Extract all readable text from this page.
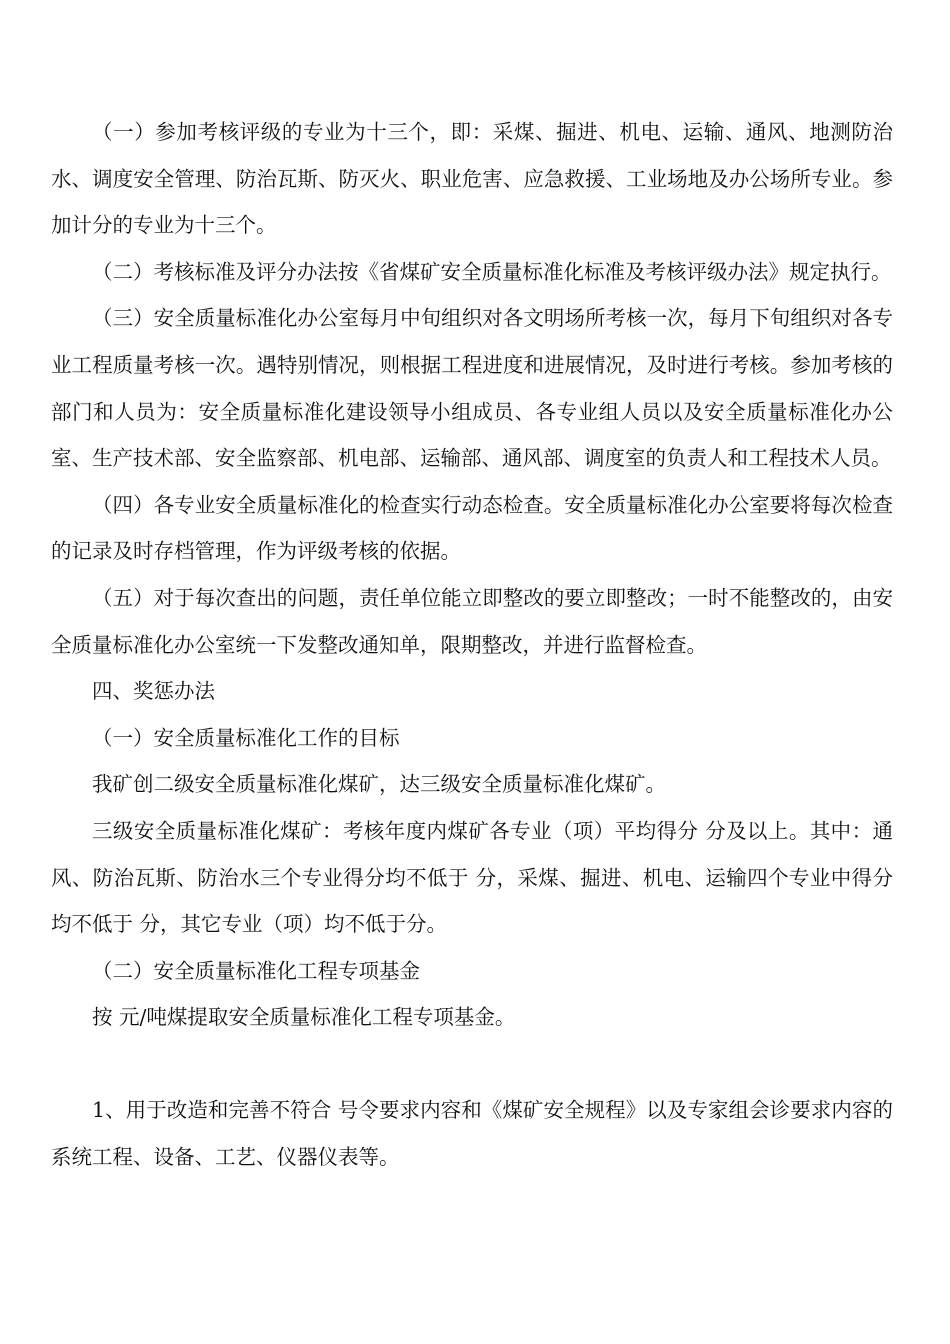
（一）参加考核评级的专业为十三个，即：采煤、掘进、机电、运输、通风、地测防治水、调度安全管理、防治瓦斯、防灭火、职业危害、应急救援、工业场地及办公场所专业。参加计分的专业为十三个。

（二）考核标准及评分办法按《省煤矿安全质量标准化标准及考核评级办法》规定执行。

（三）安全质量标准化办公室每月中旬组织对各文明场所考核一次，每月下旬组织对各专业工程质量考核一次。遇特别情况，则根据工程进度和进展情况，及时进行考核。参加考核的部门和人员为：安全质量标准化建设领导小组成员、各专业组人员以及安全质量标准化办公室、生产技术部、安全监察部、机电部、运输部、通风部、调度室的负责人和工程技术人员。

（四）各专业安全质量标准化的检查实行动态检查。安全质量标准化办公室要将每次检查的记录及时存档管理，作为评级考核的依据。

（五）对于每次查出的问题，责任单位能立即整改的要立即整改；一时不能整改的，由安全质量标准化办公室统一下发整改通知单，限期整改，并进行监督检查。

四、奖惩办法

（一）安全质量标准化工作的目标

我矿创二级安全质量标准化煤矿，达三级安全质量标准化煤矿。

三级安全质量标准化煤矿：考核年度内煤矿各专业（项）平均得分 分及以上。其中：通风、防治瓦斯、防治水三个专业得分均不低于 分，采煤、掘进、机电、运输四个专业中得分均不低于 分，其它专业（项）均不低于分。

（二）安全质量标准化工程专项基金

按 元/吨煤提取安全质量标准化工程专项基金。

1、用于改造和完善不符合 号令要求内容和《煤矿安全规程》以及专家组会诊要求内容的系统工程、设备、工艺、仪器仪表等。
